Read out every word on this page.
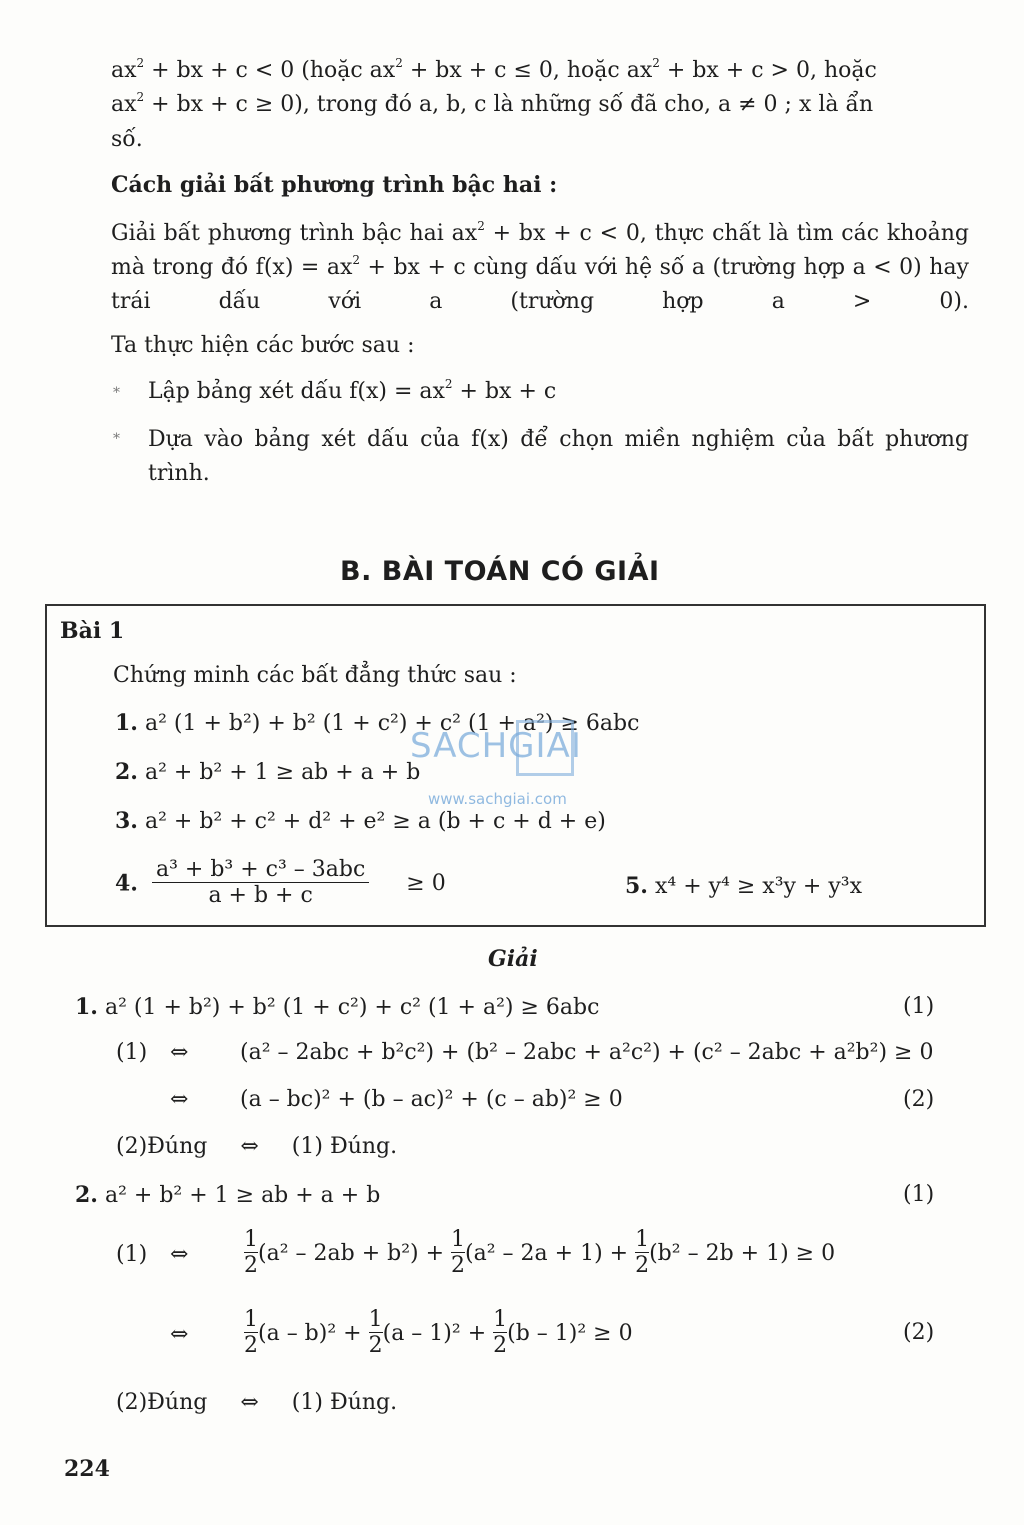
$ax^2$ + bx + c < 0 (hoặc $ax^2$ + bx + c ≤ 0, hoặc $ax^2$ + bx + c > 0, hoặc
$ax^2$ + bx + c ≥ 0), trong đó a, b, c là những số đã cho, a ≠ 0 ; x là ẩn
số.
Cách giải bất phương trình bậc hai :
Giải bất phương trình bậc hai $ax^2$ + bx + c < 0, thực chất là tìm các khoảng mà trong đó $f(x) = ax^2$ + bx + c cùng dấu với hệ số a (trường hợp a < 0) hay trái dấu với a (trường hợp a > 0).
Ta thực hiện các bước sau :
* Lập bảng xét dấu $f(x) = ax^2$ + bx + c
* Dựa vào bảng xét dấu của f(x) để chọn miền nghiệm của bất phương trình.
B. BÀI TOÁN CÓ GIẢI
Bài 1
Chứng minh các bất đẳng thức sau :
1. a² (1 + b²) + b² (1 + c²) + c² (1 + a²) ≥ 6abc
2. a² + b² + 1 ≥ ab + a + b
3. a² + b² + c² + d² + e² ≥ a (b + c + d + e)
4. $\frac{\text{a³ + b³ + c³ – 3abc}}{a + b + c} \ge 0$	5. x⁴ + y⁴ ≥ x³y + y³x
SACHGIAI
www.sachgiai.com
Giải
1. a² (1 + b²) + b² (1 + c²) + c² (1 + a²) ≥ 6abc	(1)
(1) ⇔ (a² – 2abc + b²c²) + (b² – 2abc + a²c²) + (c² – 2abc + a²b²) ≥ 0
⇔ (a – bc)² + (b – ac)² + (c – ab)² ≥ 0	(2)
(2)Đúng ⇔ (1) Đúng.
2. a² + b² + 1 ≥ ab + a + b	(1)
(1) ⇔	$\frac{1}{2} (a^2 - 2ab + b^2) + \frac{1}{2} (a^2 - 2a + 1) + \frac{1}{2} (b^2 - 2b + 1) \ge 0$
⇔	$\frac{1}{2} (a - b)^2 + \frac{1}{2} (a - 1)^2 + \frac{1}{2} (b - 1)^2 \ge 0$	(2)
(2)Đúng ⇔ (1) Đúng.
224
